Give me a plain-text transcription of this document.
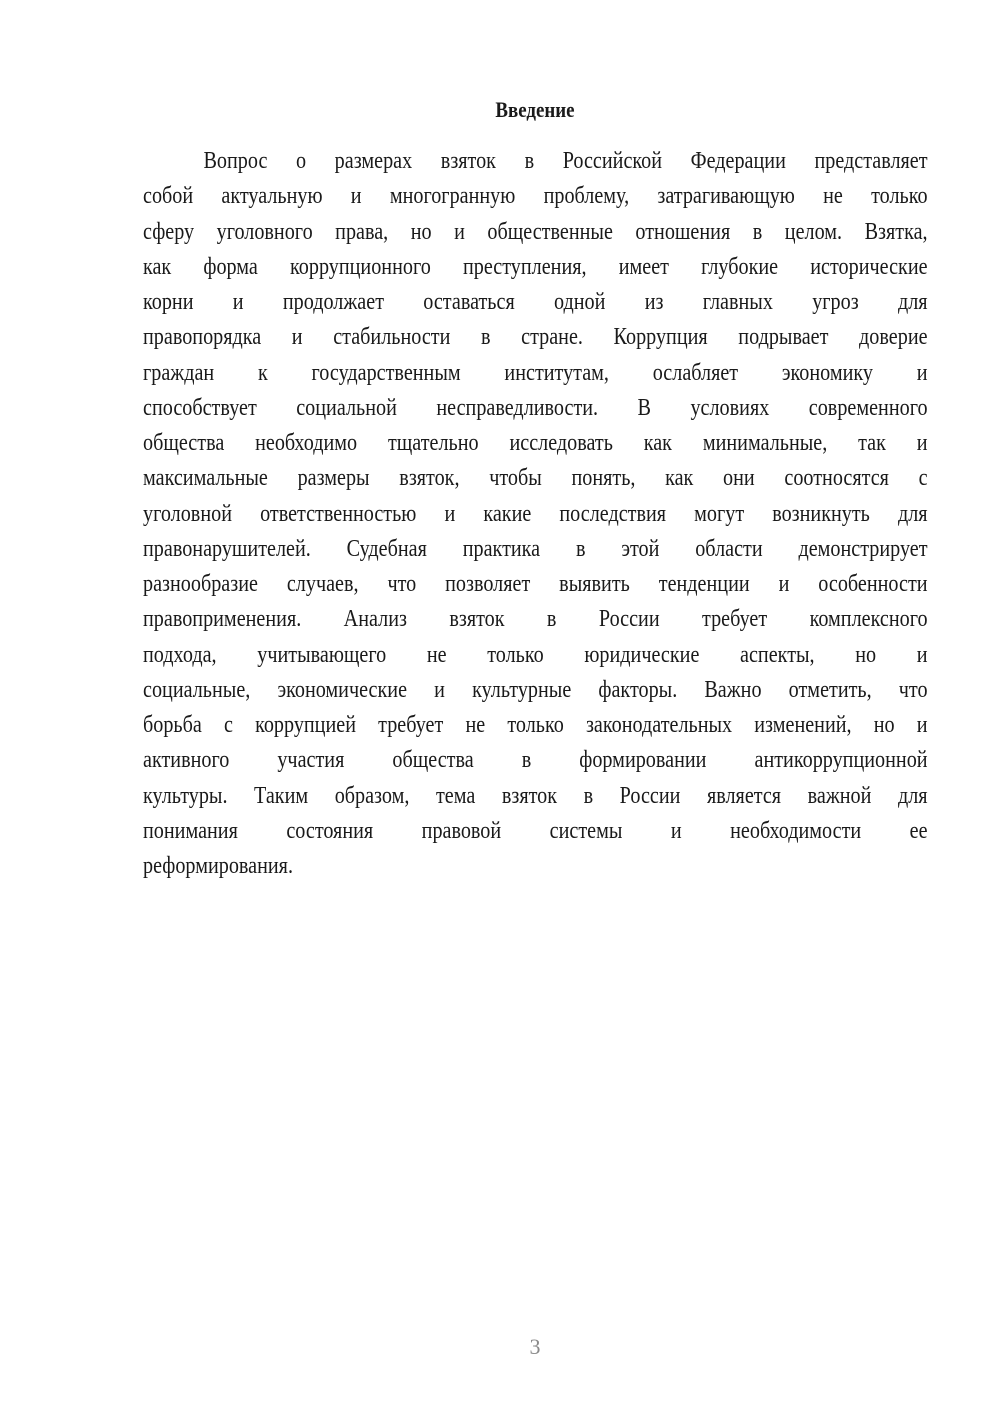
Введение
Вопрос о размерах взяток в Российской Федерации представляет
собой актуальную и многогранную проблему, затрагивающую не только
сферу уголовного права, но и общественные отношения в целом. Взятка,
как форма коррупционного преступления, имеет глубокие исторические
корни и продолжает оставаться одной из главных угроз для
правопорядка и стабильности в стране. Коррупция подрывает доверие
граждан к государственным институтам, ослабляет экономику и
способствует социальной несправедливости. В условиях современного
общества необходимо тщательно исследовать как минимальные, так и
максимальные размеры взяток, чтобы понять, как они соотносятся с
уголовной ответственностью и какие последствия могут возникнуть для
правонарушителей. Судебная практика в этой области демонстрирует
разнообразие случаев, что позволяет выявить тенденции и особенности
правоприменения. Анализ взяток в России требует комплексного
подхода, учитывающего не только юридические аспекты, но и
социальные, экономические и культурные факторы. Важно отметить, что
борьба с коррупцией требует не только законодательных изменений, но и
активного участия общества в формировании антикоррупционной
культуры. Таким образом, тема взяток в России является важной для
понимания состояния правовой системы и необходимости ее
реформирования.
3
